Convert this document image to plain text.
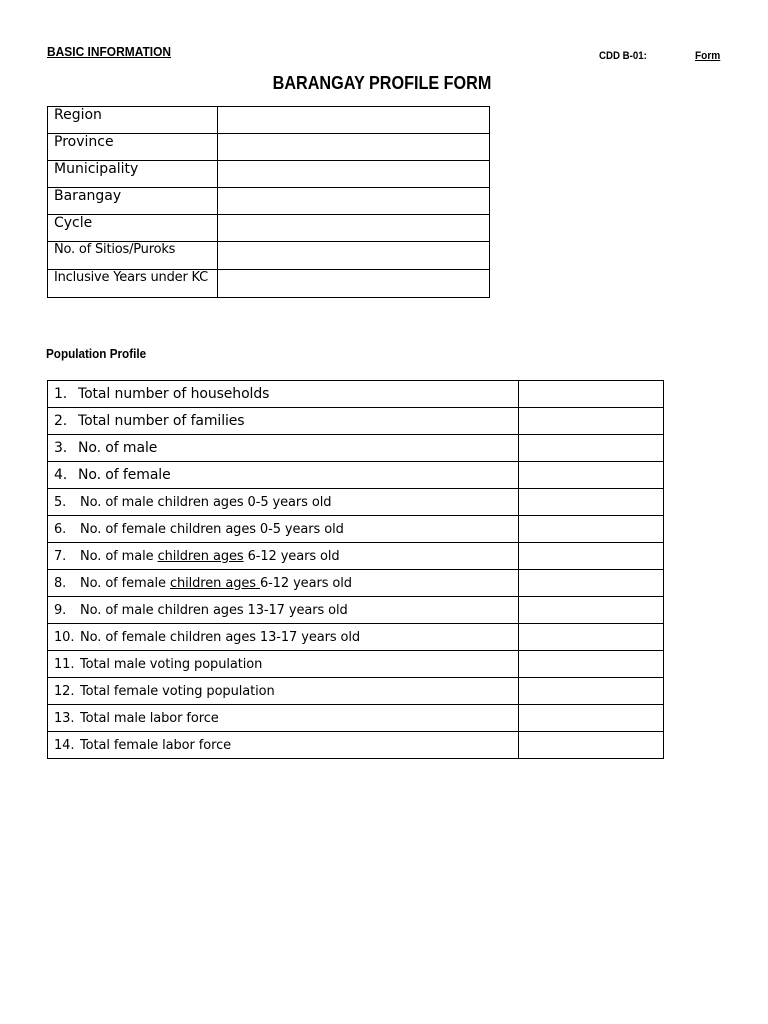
BASIC INFORMATION	CDD B-01:	Form
BARANGAY PROFILE FORM
Region	
Province	
Municipality	
Barangay	
Cycle	
No. of Sitios/Puroks	
Inclusive Years under KC	
Population Profile
1. Total number of households	
2. Total number of families	
3. No. of male	
4. No. of female	
5. No. of male children ages 0-5 years old	
6. No. of female children ages 0-5 years old	
7. No. of male children ages 6-12 years old	
8. No. of female children ages 6-12 years old	
9. No. of male children ages 13-17 years old	
10. No. of female children ages 13-17 years old	
11. Total male voting population	
12. Total female voting population	
13. Total male labor force	
14. Total female labor force	
